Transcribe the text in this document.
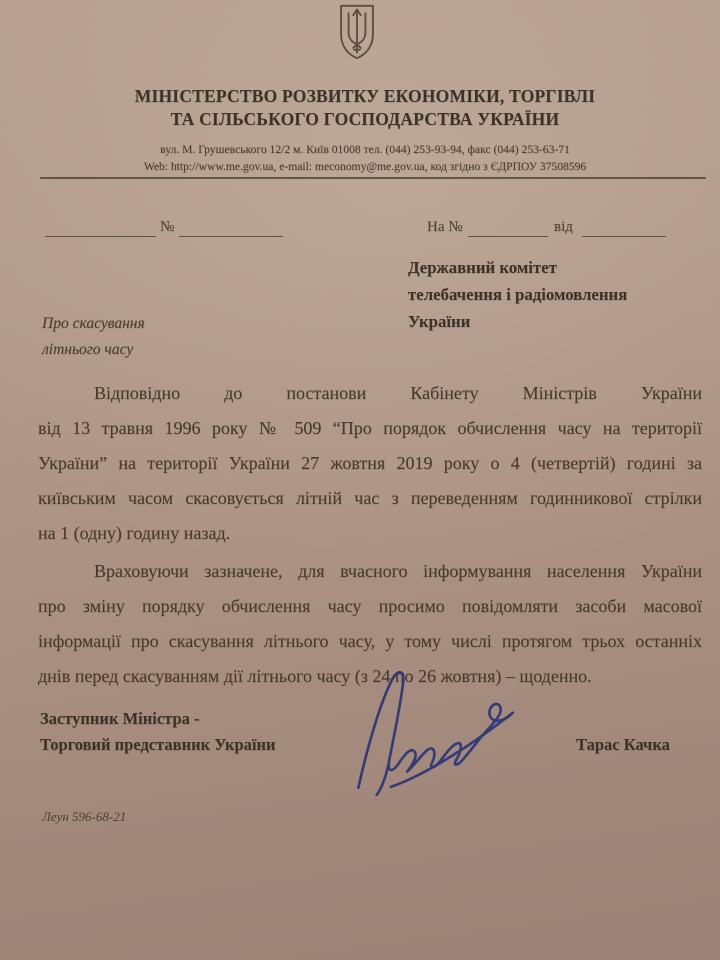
МІНІСТЕРСТВО РОЗВИТКУ ЕКОНОМІКИ, ТОРГІВЛІ
ТА СІЛЬСЬКОГО ГОСПОДАРСТВА УКРАЇНИ
вул. М. Грушевського 12/2 м. Київ 01008 тел. (044) 253-93-94, факс (044) 253-63-71
Web: http://www.me.gov.ua, e-mail: meconomy@me.gov.ua, код згідно з ЄДРПОУ 37508596
№	На №	від
Державний комітет
телебачення і радіомовлення
України
Про скасування
літнього часу
Відповідно до постанови Кабінету Міністрів України
від 13 травня 1996 року № 509 “Про порядок обчислення часу на території
України” на території України 27 жовтня 2019 року о 4 (четвертій) годині за
київським часом скасовується літній час з переведенням годинникової стрілки
на 1 (одну) годину назад.
Враховуючи зазначене, для вчасного інформування населення України
про зміну порядку обчислення часу просимо повідомляти засоби масової
інформації про скасування літнього часу, у тому числі протягом трьох останніх
днів перед скасуванням дії літнього часу (з 24 по 26 жовтня) – щоденно.
Заступник Міністра -
Торговий представник України	Тарас Качка
Леун 596-68-21
